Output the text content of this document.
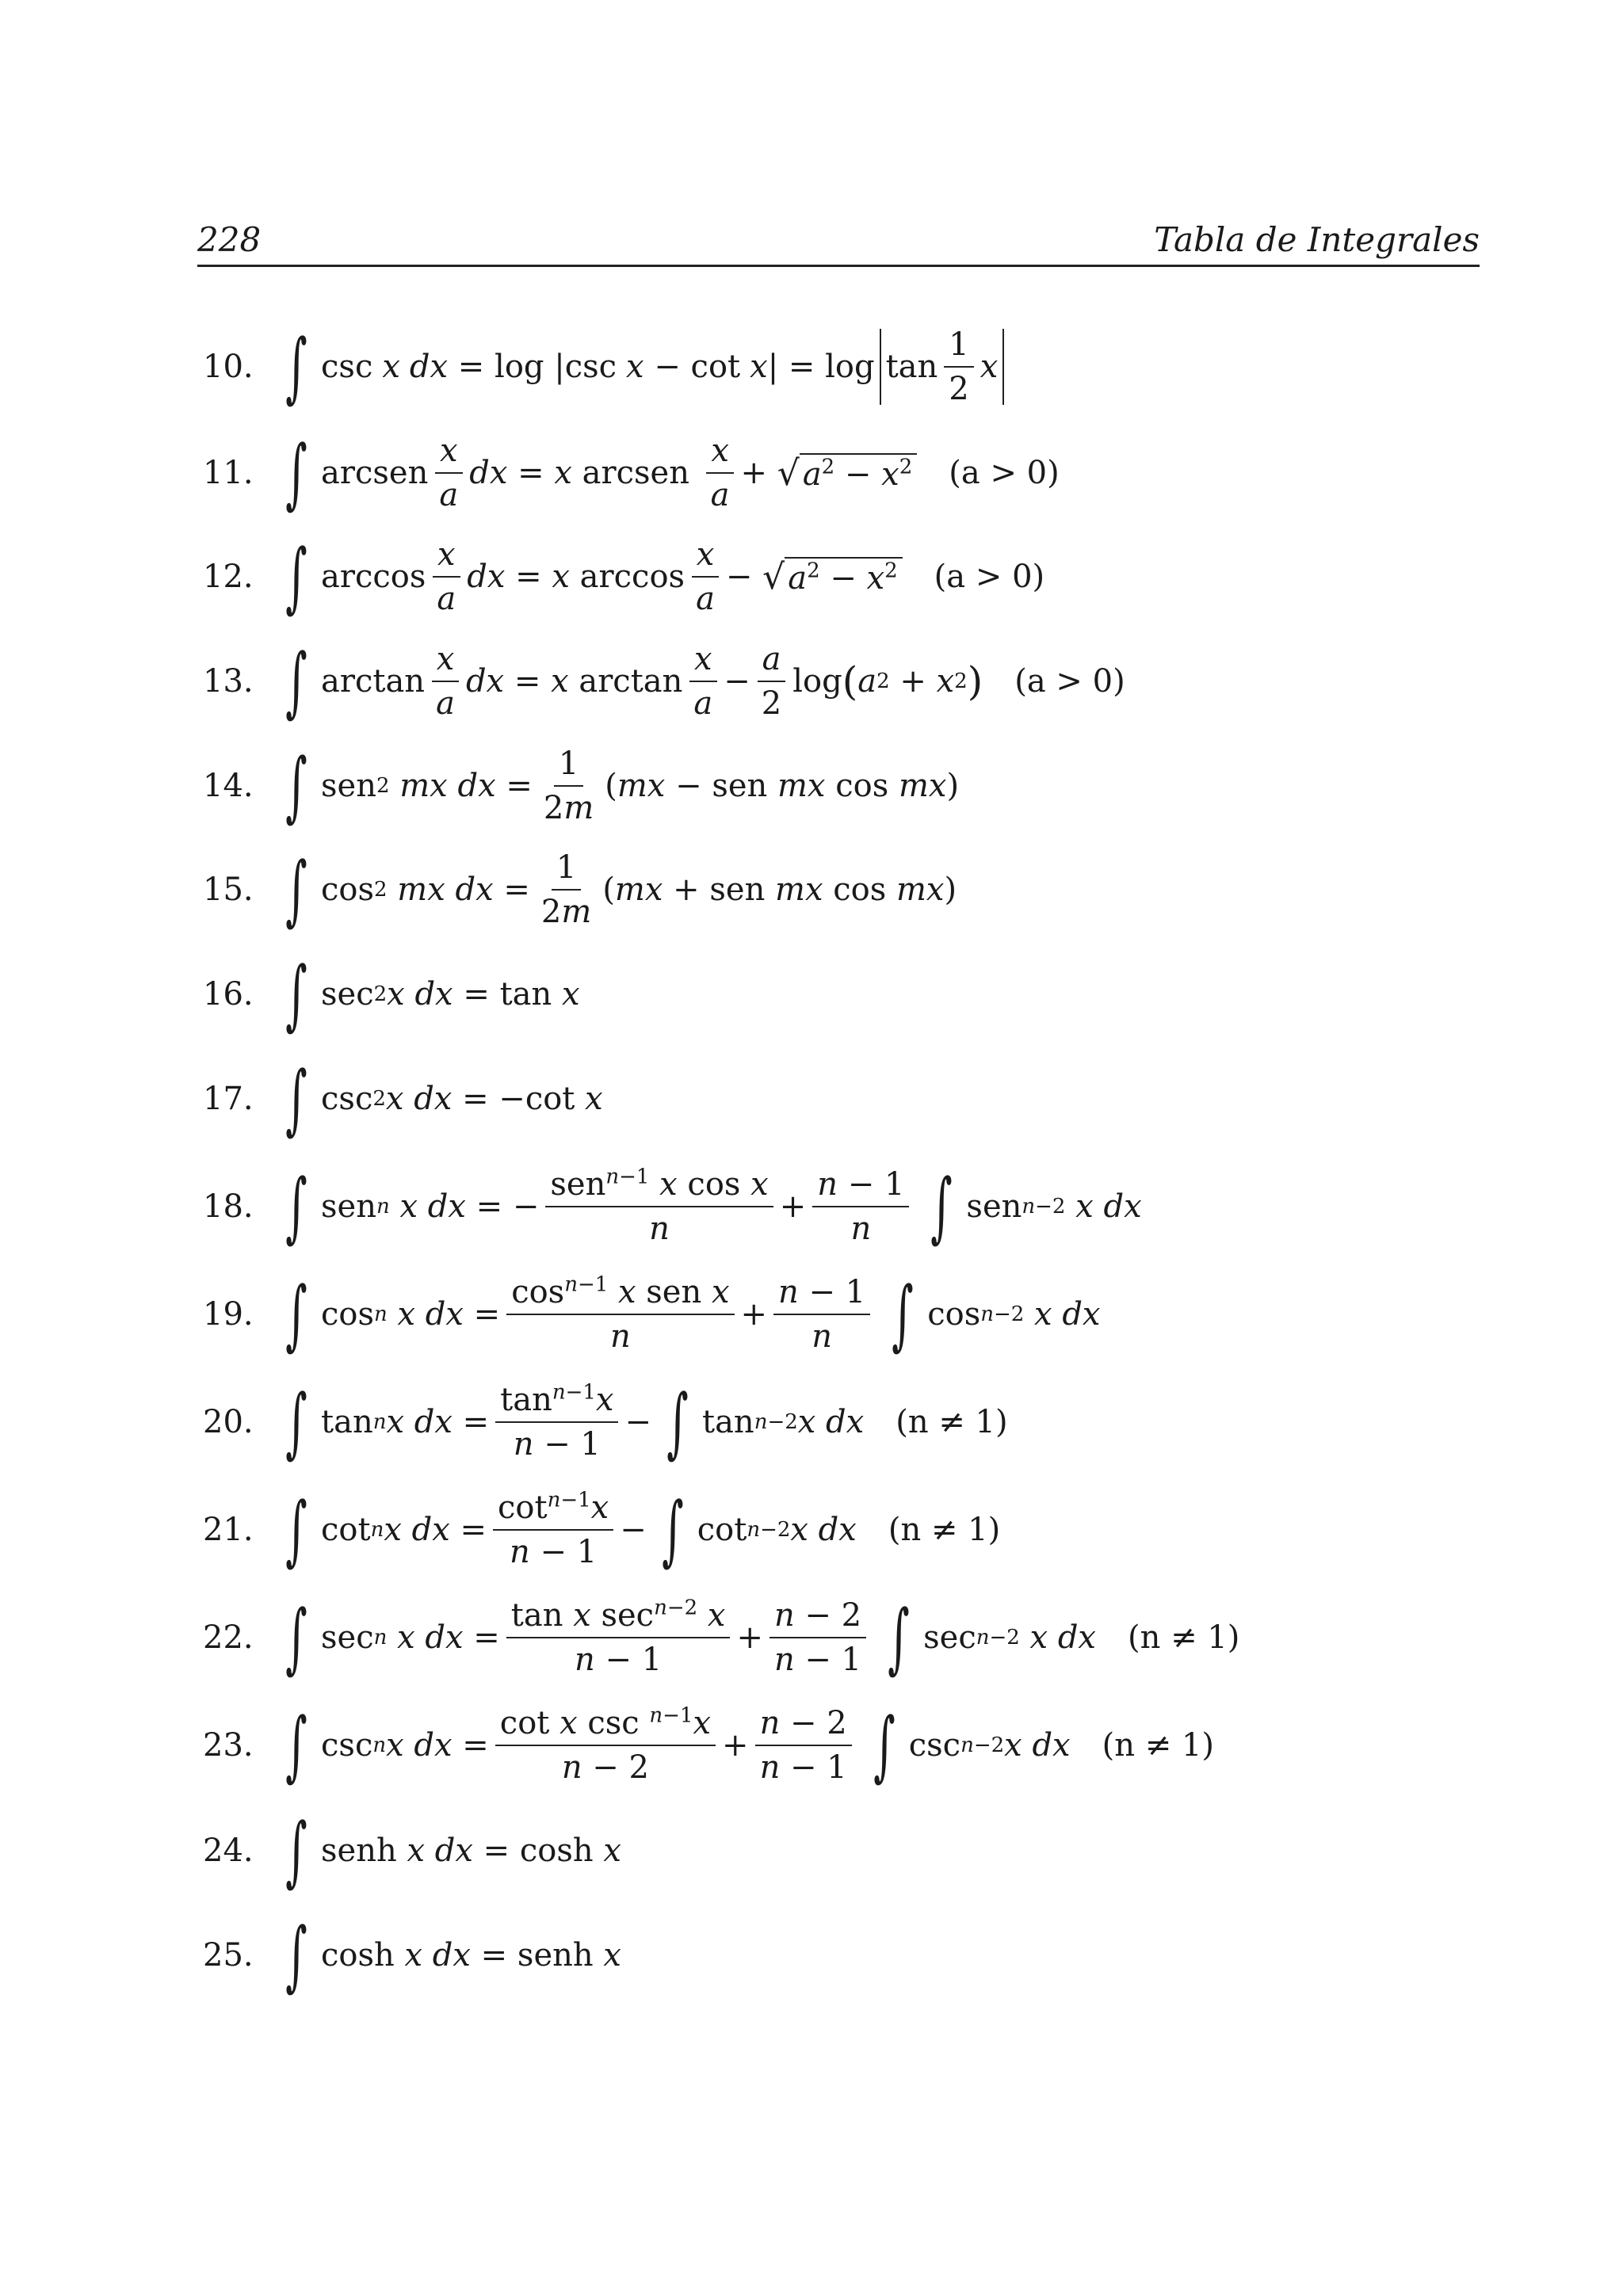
228	Tabla de Integrales
10. ∫ csc x dx = log |csc x − cot x | = log
$\tan \frac{1}{2}$ x
11. ∫ arcsen $\frac{x}{a}$ dx = x arcsen $\frac{x}{a}$ + √ $a^2 - x^2$ (a > 0)
12. ∫ $\arccos \frac{x}{a}$ dx = x $\arccos \frac{x}{a}$ − √ $a^2 - x^2$ (a > 0)
13. ∫ $\arctan \frac{x}{a}$ dx = x $\arctan \frac{x}{a} - \frac{a}{2}$ log ( a 2 + x 2 ) (a > 0)
14. ∫ sen 2
mx
dx = $\frac{1}{2m}$ ( mx − sen mx cos mx )
15. ∫ cos 2
mx
dx = $\frac{1}{2m}$ ( mx + sen mx cos mx )
16. ∫ sec 2 x
dx = tan x
17. ∫ csc 2 x
dx = −cot x
18. ∫ sen n
x
dx = − $\frac{sen^{n-1} x \cos x}{n} + \frac{n - 1}{n}$ ∫ sen n −2
x
dx
19. ∫ cos n
x
dx = $\frac{\cos^{n-1} x sen x}{n} + \frac{n - 1}{n}$ ∫ cos n −2
x
dx
20. ∫ tan n x
dx = $\frac{\tan^{n-1}x}{n - 1}$ − ∫ tan n −2 x
dx (n ≠ 1)
21. ∫ cot n x
dx = $\frac{\cot^{n-1}x}{n - 1}$ − ∫ cot n −2 x
dx (n ≠ 1)
22. ∫ sec n
x
dx = $\frac{\tan x \sec^{n-2} x}{n - 1} + \frac{n - 2}{n - 1}$ ∫ sec n −2
x
dx (n ≠ 1)
23. ∫ csc n x
dx = $\frac{\cot x \csc ^{n-1}x}{n - 2} + \frac{n - 2}{n - 1}$ ∫ csc n −2 x
dx (n ≠ 1)
24. ∫ senh x
dx = cosh x
25. ∫ cosh x
dx = senh x
